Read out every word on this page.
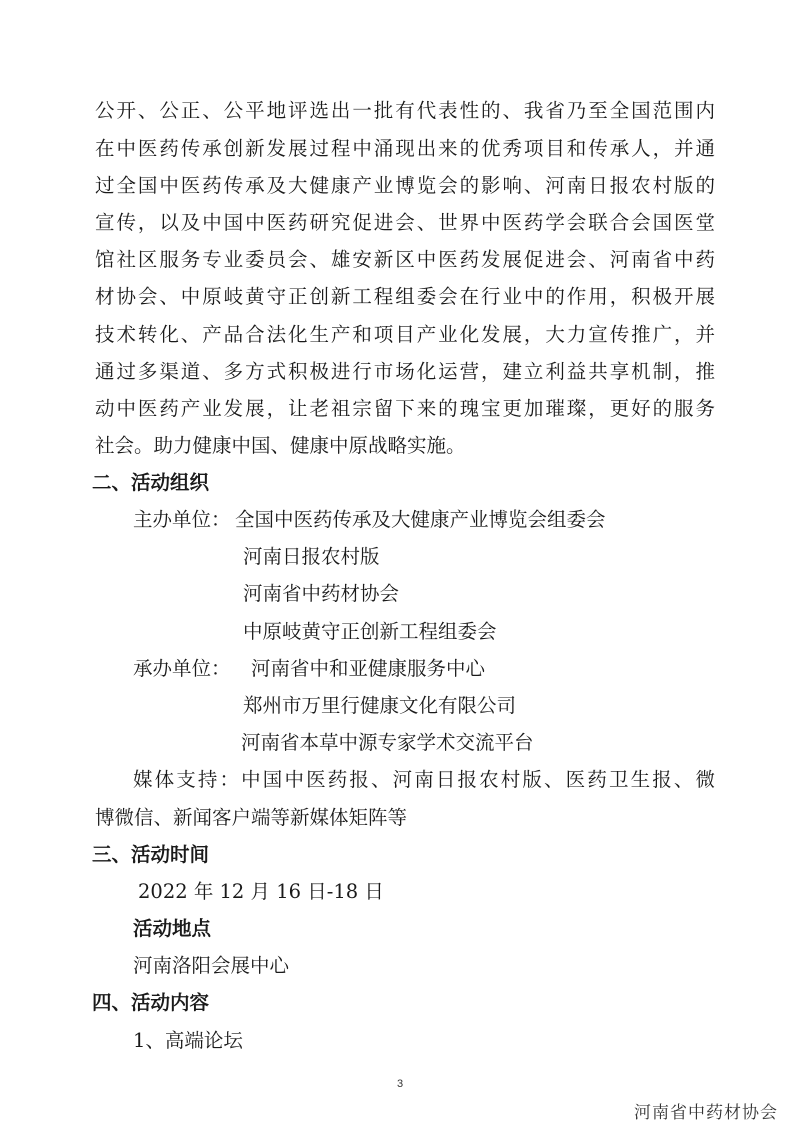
公开、公正、公平地评选出一批有代表性的、我省乃至全国范围内
在中医药传承创新发展过程中涌现出来的优秀项目和传承人，并通
过全国中医药传承及大健康产业博览会的影响、河南日报农村版的
宣传，以及中国中医药研究促进会、世界中医药学会联合会国医堂
馆社区服务专业委员会、雄安新区中医药发展促进会、河南省中药
材协会、中原岐黄守正创新工程组委会在行业中的作用，积极开展
技术转化、产品合法化生产和项目产业化发展，大力宣传推广，并
通过多渠道、多方式积极进行市场化运营，建立利益共享机制，推
动中医药产业发展，让老祖宗留下来的瑰宝更加璀璨，更好的服务
社会。助力健康中国、健康中原战略实施。
二、活动组织
主办单位： 全国中医药传承及大健康产业博览会组委会
河南日报农村版
河南省中药材协会
中原岐黄守正创新工程组委会
承办单位： 河南省中和亚健康服务中心
郑州市万里行健康文化有限公司
河南省本草中源专家学术交流平台
媒体支持：中国中医药报、河南日报农村版、医药卫生报、微
博微信、新闻客户端等新媒体矩阵等
三、活动时间
2022 年 12 月 16 日-18 日
活动地点
河南洛阳会展中心
四、活动内容
1、高端论坛
3
河南省中药材协会
